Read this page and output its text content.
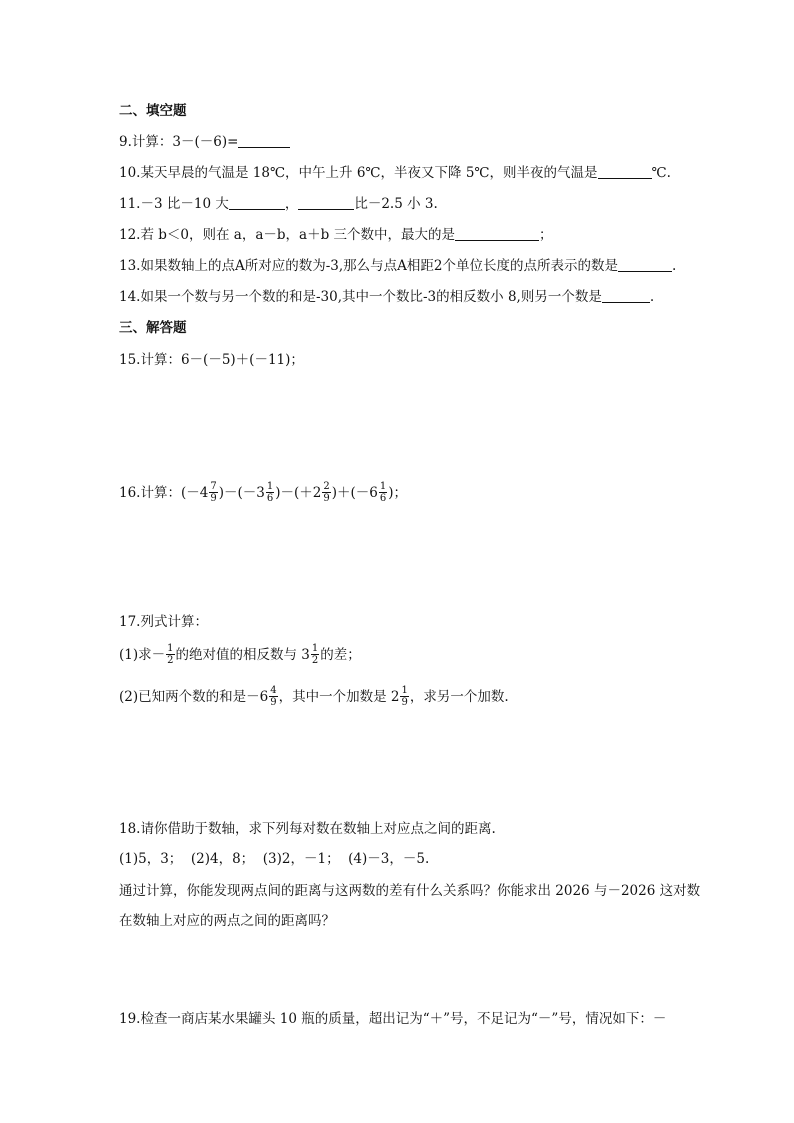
二、填空题
9.计算：3－(－6)=
10.某天早晨的气温是 18℃，中午上升 6℃，半夜又下降 5℃，则半夜的气温是	℃.
11.－3 比－10 大	，	比－2.5 小 3.
12.若 b＜0，则在 a，a－b，a＋b 三个数中，最大的是	；
13.如果数轴上的点A所对应的数为-3,那么与点A相距2个单位长度的点所表示的数是	.
14.如果一个数与另一个数的和是-30,其中一个数比-3的相反数小 8,则另一个数是	.
三、解答题
15.计算：6－(－5)＋(－11)；
16.计算：$(-4 \frac{7}{9} )-(-3 \frac{1}{6} )-(+2 \frac{2}{9} )+(-6 \frac{1}{6}$ )；
17.列式计算：
(1)求－ $\frac{1}{2}$ 的绝对值的相反数与 $3 \frac{1}{2}$ 的差；
(2)已知两个数的和是$-6 \frac{4}{9}$ ，其中一个加数是 $2 \frac{1}{9}$ ，求另一个加数.
18.请你借助于数轴，求下列每对数在数轴上对应点之间的距离.
(1)5，3；  (2)4，8；  (3)2，－1；  (4)－3，－5.
通过计算，你能发现两点间的距离与这两数的差有什么关系吗？你能求出 2026 与－2026 这对数
在数轴上对应的两点之间的距离吗？
19.检查一商店某水果罐头 10 瓶的质量，超出记为“＋”号，不足记为“－”号，情况如下：－
